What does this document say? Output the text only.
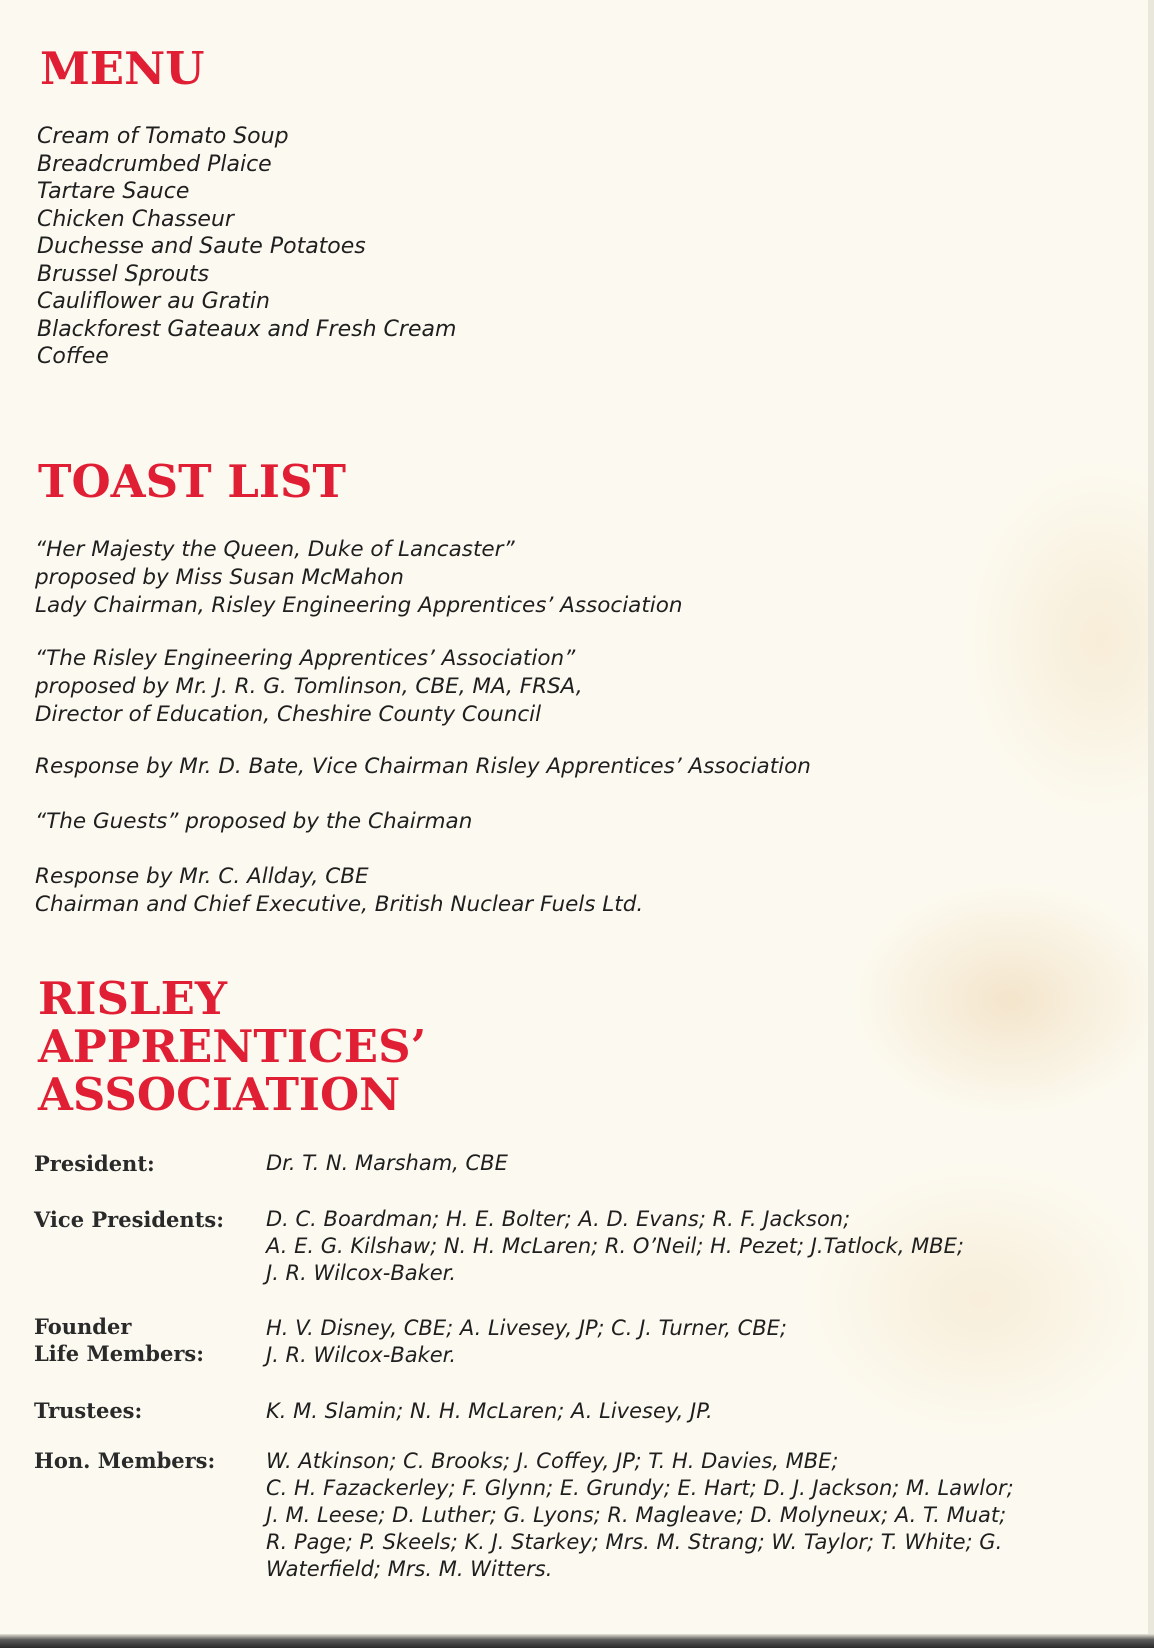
MENU
Cream of Tomato Soup
Breadcrumbed Plaice
Tartare Sauce
Chicken Chasseur
Duchesse and Saute Potatoes
Brussel Sprouts
Cauliflower au Gratin
Blackforest Gateaux and Fresh Cream
Coffee
TOAST LIST

“Her Majesty the Queen, Duke of Lancaster”
proposed by Miss Susan McMahon
Lady Chairman, Risley Engineering Apprentices’ Association

“The Risley Engineering Apprentices’ Association”
proposed by Mr. J. R. G. Tomlinson, CBE, MA, FRSA,
Director of Education, Cheshire County Council

Response by Mr. D. Bate, Vice Chairman Risley Apprentices’ Association

“The Guests” proposed by the Chairman

Response by Mr. C. Allday, CBE
Chairman and Chief Executive, British Nuclear Fuels Ltd.

RISLEY
APPRENTICES’
ASSOCIATION
President:	Dr. T. N. Marsham, CBE
Vice Presidents: D. C. Boardman; H. E. Bolter; A. D. Evans; R. F. Jackson;
A. E. G. Kilshaw; N. H. McLaren; R. O’Neil; H. Pezet; J.Tatlock, MBE;
J. R. Wilcox-Baker.
Founder
Life Members:
H. V. Disney, CBE; A. Livesey, JP; C. J. Turner, CBE;
J. R. Wilcox-Baker.
Trustees:	K. M. Slamin; N. H. McLaren; A. Livesey, JP.
Hon. Members: W. Atkinson; C. Brooks; J. Coffey, JP; T. H. Davies, MBE;
C. H. Fazackerley; F. Glynn; E. Grundy; E. Hart; D. J. Jackson; M. Lawlor;
J. M. Leese; D. Luther; G. Lyons; R. Magleave; D. Molyneux; A. T. Muat;
R. Page; P. Skeels; K. J. Starkey; Mrs. M. Strang; W. Taylor; T. White; G.
Waterfield; Mrs. M. Witters.
